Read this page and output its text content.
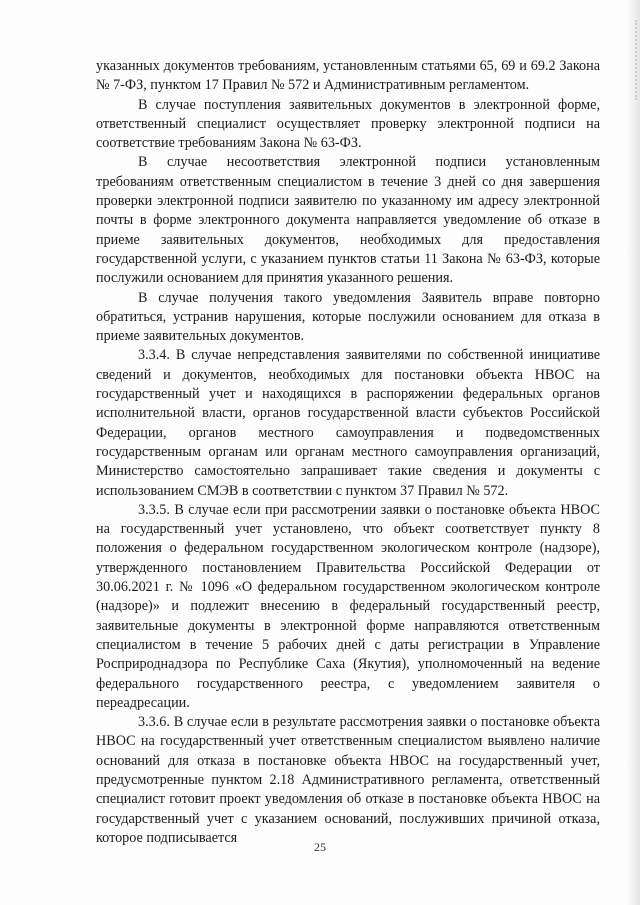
указанных документов требованиям, установленным статьями 65, 69 и 69.2 Закона № 7-ФЗ, пунктом 17 Правил № 572 и Административным регламентом.

В случае поступления заявительных документов в электронной форме, ответственный специалист осуществляет проверку электронной подписи на соответствие требованиям Закона № 63-ФЗ.

В случае несоответствия электронной подписи установленным требованиям ответственным специалистом в течение 3 дней со дня завершения проверки электронной подписи заявителю по указанному им адресу электронной почты в форме электронного документа направляется уведомление об отказе в приеме заявительных документов, необходимых для предоставления государственной услуги, с указанием пунктов статьи 11 Закона № 63-ФЗ, которые послужили основанием для принятия указанного решения.

В случае получения такого уведомления Заявитель вправе повторно обратиться, устранив нарушения, которые послужили основанием для отказа в приеме заявительных документов.

3.3.4. В случае непредставления заявителями по собственной инициативе сведений и документов, необходимых для постановки объекта НВОС на государственный учет и находящихся в распоряжении федеральных органов исполнительной власти, органов государственной власти субъектов Российской Федерации, органов местного самоуправления и подведомственных государственным органам или органам местного самоуправления организаций, Министерство самостоятельно запрашивает такие сведения и документы с использованием СМЭВ в соответствии с пунктом 37 Правил № 572.

3.3.5. В случае если при рассмотрении заявки о постановке объекта НВОС на государственный учет установлено, что объект соответствует пункту 8 положения о федеральном государственном экологическом контроле (надзоре), утвержденного постановлением Правительства Российской Федерации от 30.06.2021 г. № 1096 «О федеральном государственном экологическом контроле (надзоре)» и подлежит внесению в федеральный государственный реестр, заявительные документы в электронной форме направляются ответственным специалистом в течение 5 рабочих дней с даты регистрации в Управление Росприроднадзора по Республике Саха (Якутия), уполномоченный на ведение федерального государственного реестра, с уведомлением заявителя о переадресации.

3.3.6. В случае если в результате рассмотрения заявки о постановке объекта НВОС на государственный учет ответственным специалистом выявлено наличие оснований для отказа в постановке объекта НВОС на государственный учет, предусмотренные пунктом 2.18 Административного регламента, ответственный специалист готовит проект уведомления об отказе в постановке объекта НВОС на государственный учет с указанием оснований, послуживших причиной отказа, которое подписывается

25
